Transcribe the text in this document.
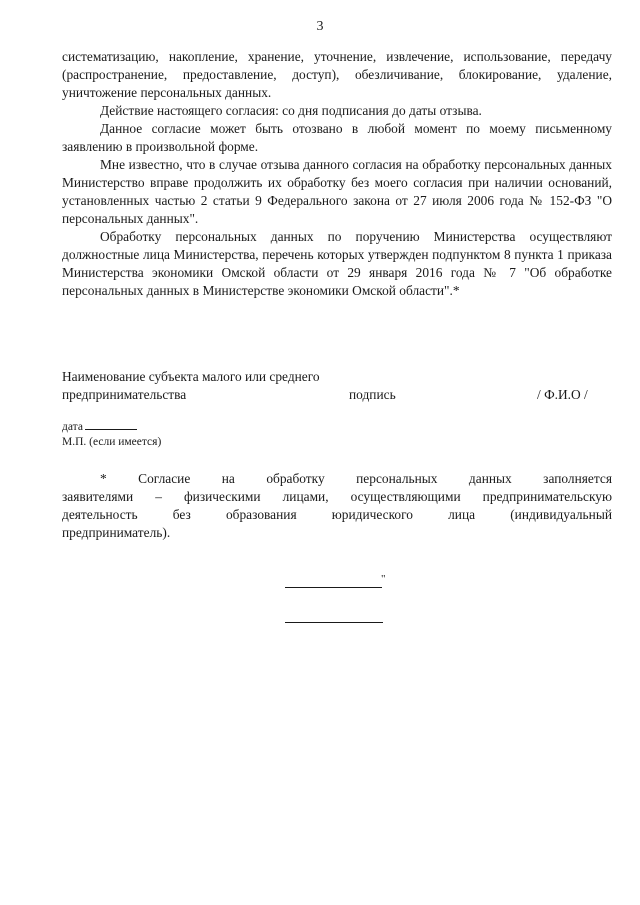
3

систематизацию, накопление, хранение, уточнение, извлечение, использование, передачу (распространение, предоставление, доступ), обезличивание, блокирование, удаление, уничтожение персональных данных.

Действие настоящего согласия: со дня подписания до даты отзыва.

Данное согласие может быть отозвано в любой момент по моему письменному заявлению в произвольной форме.

Мне известно, что в случае отзыва данного согласия на обработку персональных данных Министерство вправе продолжить их обработку без моего согласия при наличии оснований, установленных частью 2 статьи 9 Федерального закона от 27 июля 2006 года № 152-ФЗ "О персональных данных".

Обработку персональных данных по поручению Министерства осуществляют должностные лица Министерства, перечень которых утвержден подпунктом 8 пункта 1 приказа Министерства экономики Омской области от 29 января 2016 года № 7 "Об обработке персональных данных в Министерстве экономики Омской области".*

Наименование субъекта малого или среднего предпринимательства	подпись	/ Ф.И.О /
дата
М.П. (если имеется)

* Согласие на обработку персональных данных заполняется заявителями – физическими лицами, осуществляющими предпринимательскую деятельность без образования юридического лица (индивидуальный предприниматель).

"
